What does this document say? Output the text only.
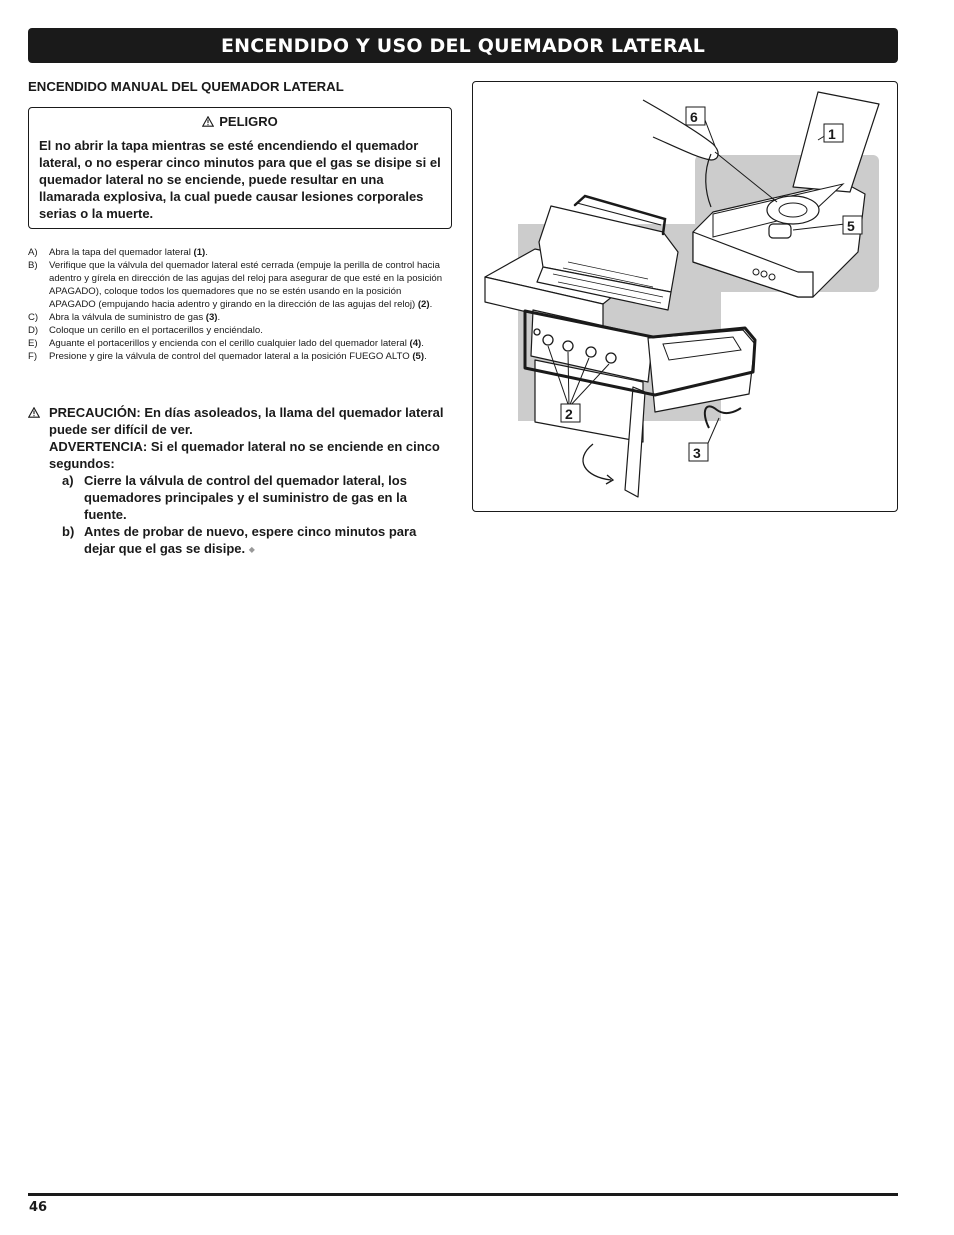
ENCENDIDO Y USO DEL QUEMADOR LATERAL
ENCENDIDO MANUAL DEL QUEMADOR LATERAL
PELIGRO
El no abrir la tapa mientras se esté encendiendo el quemador lateral, o no esperar cinco minutos para que el gas se disipe si el quemador lateral no se enciende, puede resultar en una llamarada explosiva, la cual puede causar lesiones corporales serias o la muerte.
A)	Abra la tapa del quemador lateral (1).
B)	Verifique que la válvula del quemador lateral esté cerrada (empuje la perilla de control hacia adentro y gírela en dirección de las agujas del reloj para asegurar de que esté en la posición APAGADO), coloque todos los quemadores que no se estén usando en la posición APAGADO (empujando hacia adentro y girando en la dirección de las agujas del reloj) (2).
C)	Abra la válvula de suministro de gas (3).
D)	Coloque un cerillo en el portacerillos y enciéndalo.
E)	Aguante el portacerillos y encienda con el cerillo cualquier lado del quemador lateral (4).
F)	Presione y gire la válvula de control del quemador lateral a la posición FUEGO ALTO (5).
PRECAUCIÓN: En días asoleados, la llama del quemador lateral puede ser difícil de ver.
ADVERTENCIA: Si el quemador lateral no se enciende en cinco segundos:
a) Cierre la válvula de control del quemador lateral, los quemadores principales y el suministro de gas en la fuente.
b) Antes de probar de nuevo, espere cinco minutos para dejar que el gas se disipe. ◆
6
1
5
2
3
46
